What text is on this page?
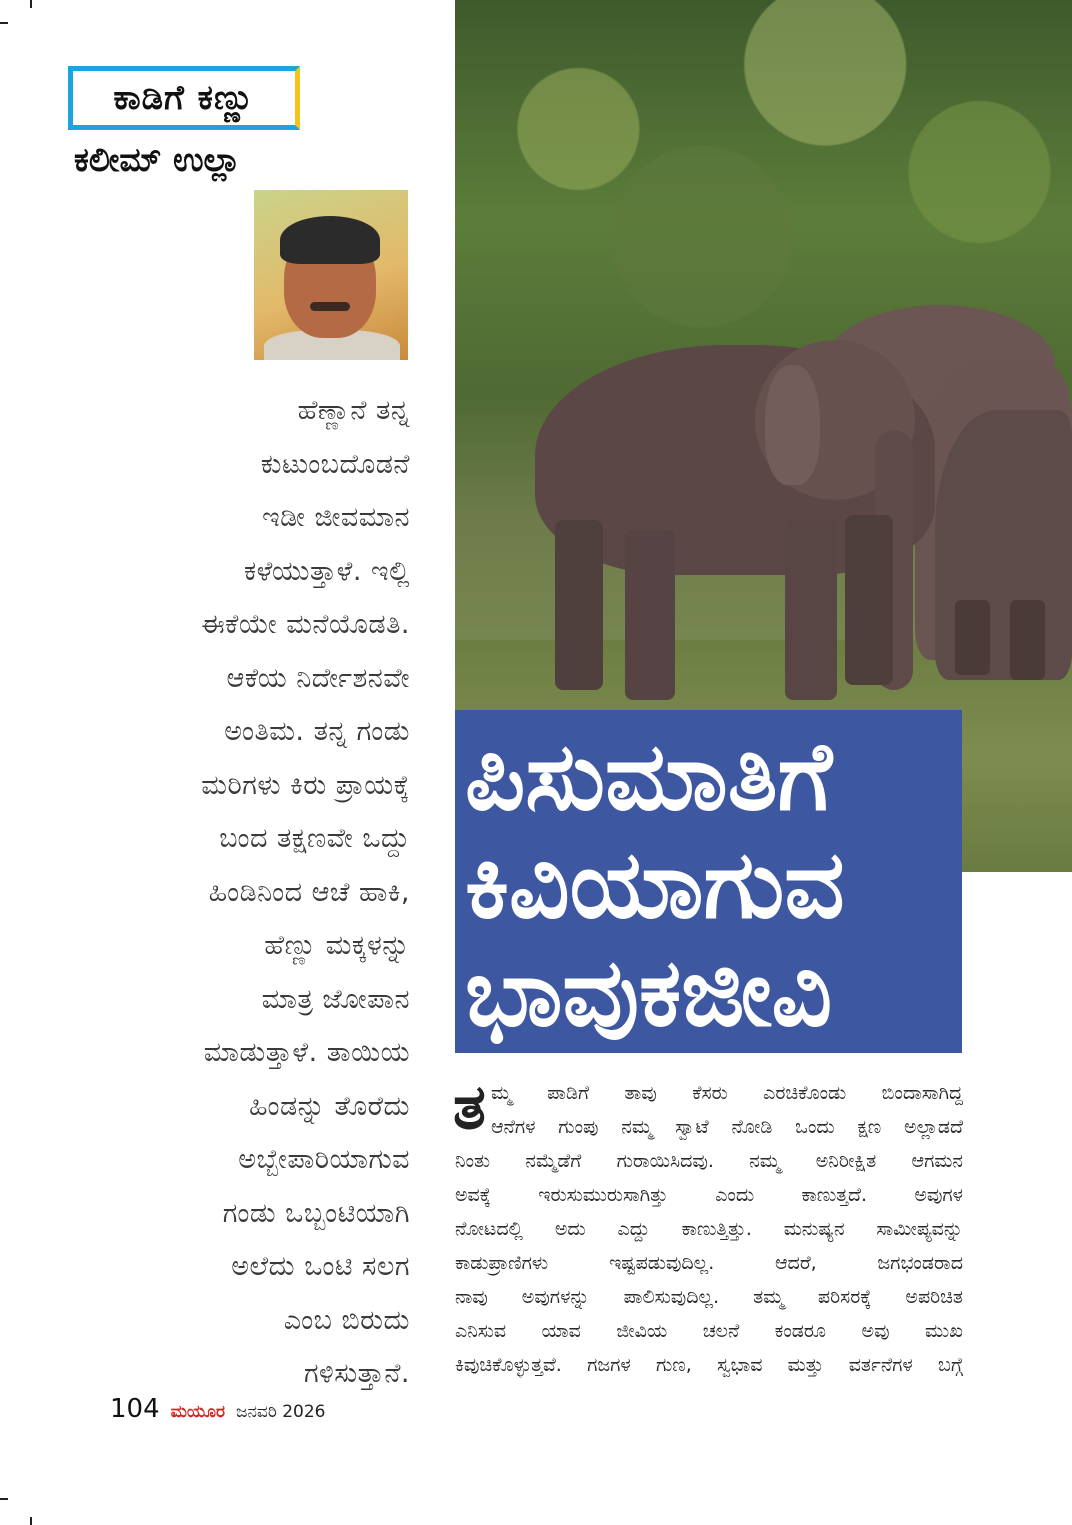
ಕಾಡಿಗೆ ಕಣ್ಣು
ಕಲೀಮ್ ಉಲ್ಲಾ
ಹೆಣ್ಣಾನೆ ತನ್ನ
ಕುಟುಂಬದೊಡನೆ
ಇಡೀ ಜೀವಮಾನ
ಕಳೆಯುತ್ತಾಳೆ. ಇಲ್ಲಿ
ಈಕೆಯೇ ಮನೆಯೊಡತಿ.
ಆಕೆಯ ನಿರ್ದೇಶನವೇ
ಅಂತಿಮ. ತನ್ನ ಗಂಡು
ಮರಿಗಳು ಕಿರು ಪ್ರಾಯಕ್ಕೆ
ಬಂದ ತಕ್ಷಣವೇ ಒದ್ದು
ಹಿಂಡಿನಿಂದ ಆಚೆ ಹಾಕಿ,
ಹೆಣ್ಣು ಮಕ್ಕಳನ್ನು
ಮಾತ್ರ ಜೋಪಾನ
ಮಾಡುತ್ತಾಳೆ. ತಾಯಿಯ
ಹಿಂಡನ್ನು ತೊರೆದು
ಅಬ್ಬೇಪಾರಿಯಾಗುವ
ಗಂಡು ಒಬ್ಬಂಟಿಯಾಗಿ
ಅಲೆದು ಒಂಟಿ ಸಲಗ
ಎಂಬ ಬಿರುದು
ಗಳಿಸುತ್ತಾನೆ.
ಪಿಸುಮಾತಿಗೆ
ಕಿವಿಯಾಗುವ
ಭಾವುಕಜೀವಿ
ತ ಮ್ಮ ಪಾಡಿಗೆ ತಾವು ಕೆಸರು ಎರಚಿಕೊಂಡು ಬಿಂದಾಸಾಗಿದ್ದ
ಆನೆಗಳ ಗುಂಪು ನಮ್ಮ ಸ್ವಾಟೆ ನೋಡಿ ಒಂದು ಕ್ಷಣ ಅಲ್ಲಾಡದೆ
ನಿಂತು ನಮ್ಮೆಡೆಗೆ ಗುರಾಯಿಸಿದವು. ನಮ್ಮ ಅನಿರೀಕ್ಷಿತ ಆಗಮನ
ಅವಕ್ಕೆ ಇರುಸುಮುರುಸಾಗಿತ್ತು ಎಂದು ಕಾಣುತ್ತದೆ. ಅವುಗಳ
ನೋಟದಲ್ಲಿ ಅದು ಎದ್ದು ಕಾಣುತ್ತಿತ್ತು. ಮನುಷ್ಯನ ಸಾಮೀಪ್ಯವನ್ನು
ಕಾಡುಪ್ರಾಣಿಗಳು ಇಷ್ಟಪಡುವುದಿಲ್ಲ. ಆದರೆ, ಜಗಭಂಡರಾದ
ನಾವು ಅವುಗಳನ್ನು ಪಾಲಿಸುವುದಿಲ್ಲ. ತಮ್ಮ ಪರಿಸರಕ್ಕೆ ಅಪರಿಚಿತ
ಎನಿಸುವ ಯಾವ ಜೀವಿಯ ಚಲನೆ ಕಂಡರೂ ಅವು ಮುಖ
ಕಿವುಚಿಕೊಳ್ಳುತ್ತವೆ. ಗಜಗಳ ಗುಣ, ಸ್ವಭಾವ ಮತ್ತು ವರ್ತನೆಗಳ ಬಗ್ಗೆ
104 ಮಯೂರ ಜನವರಿ 2026
